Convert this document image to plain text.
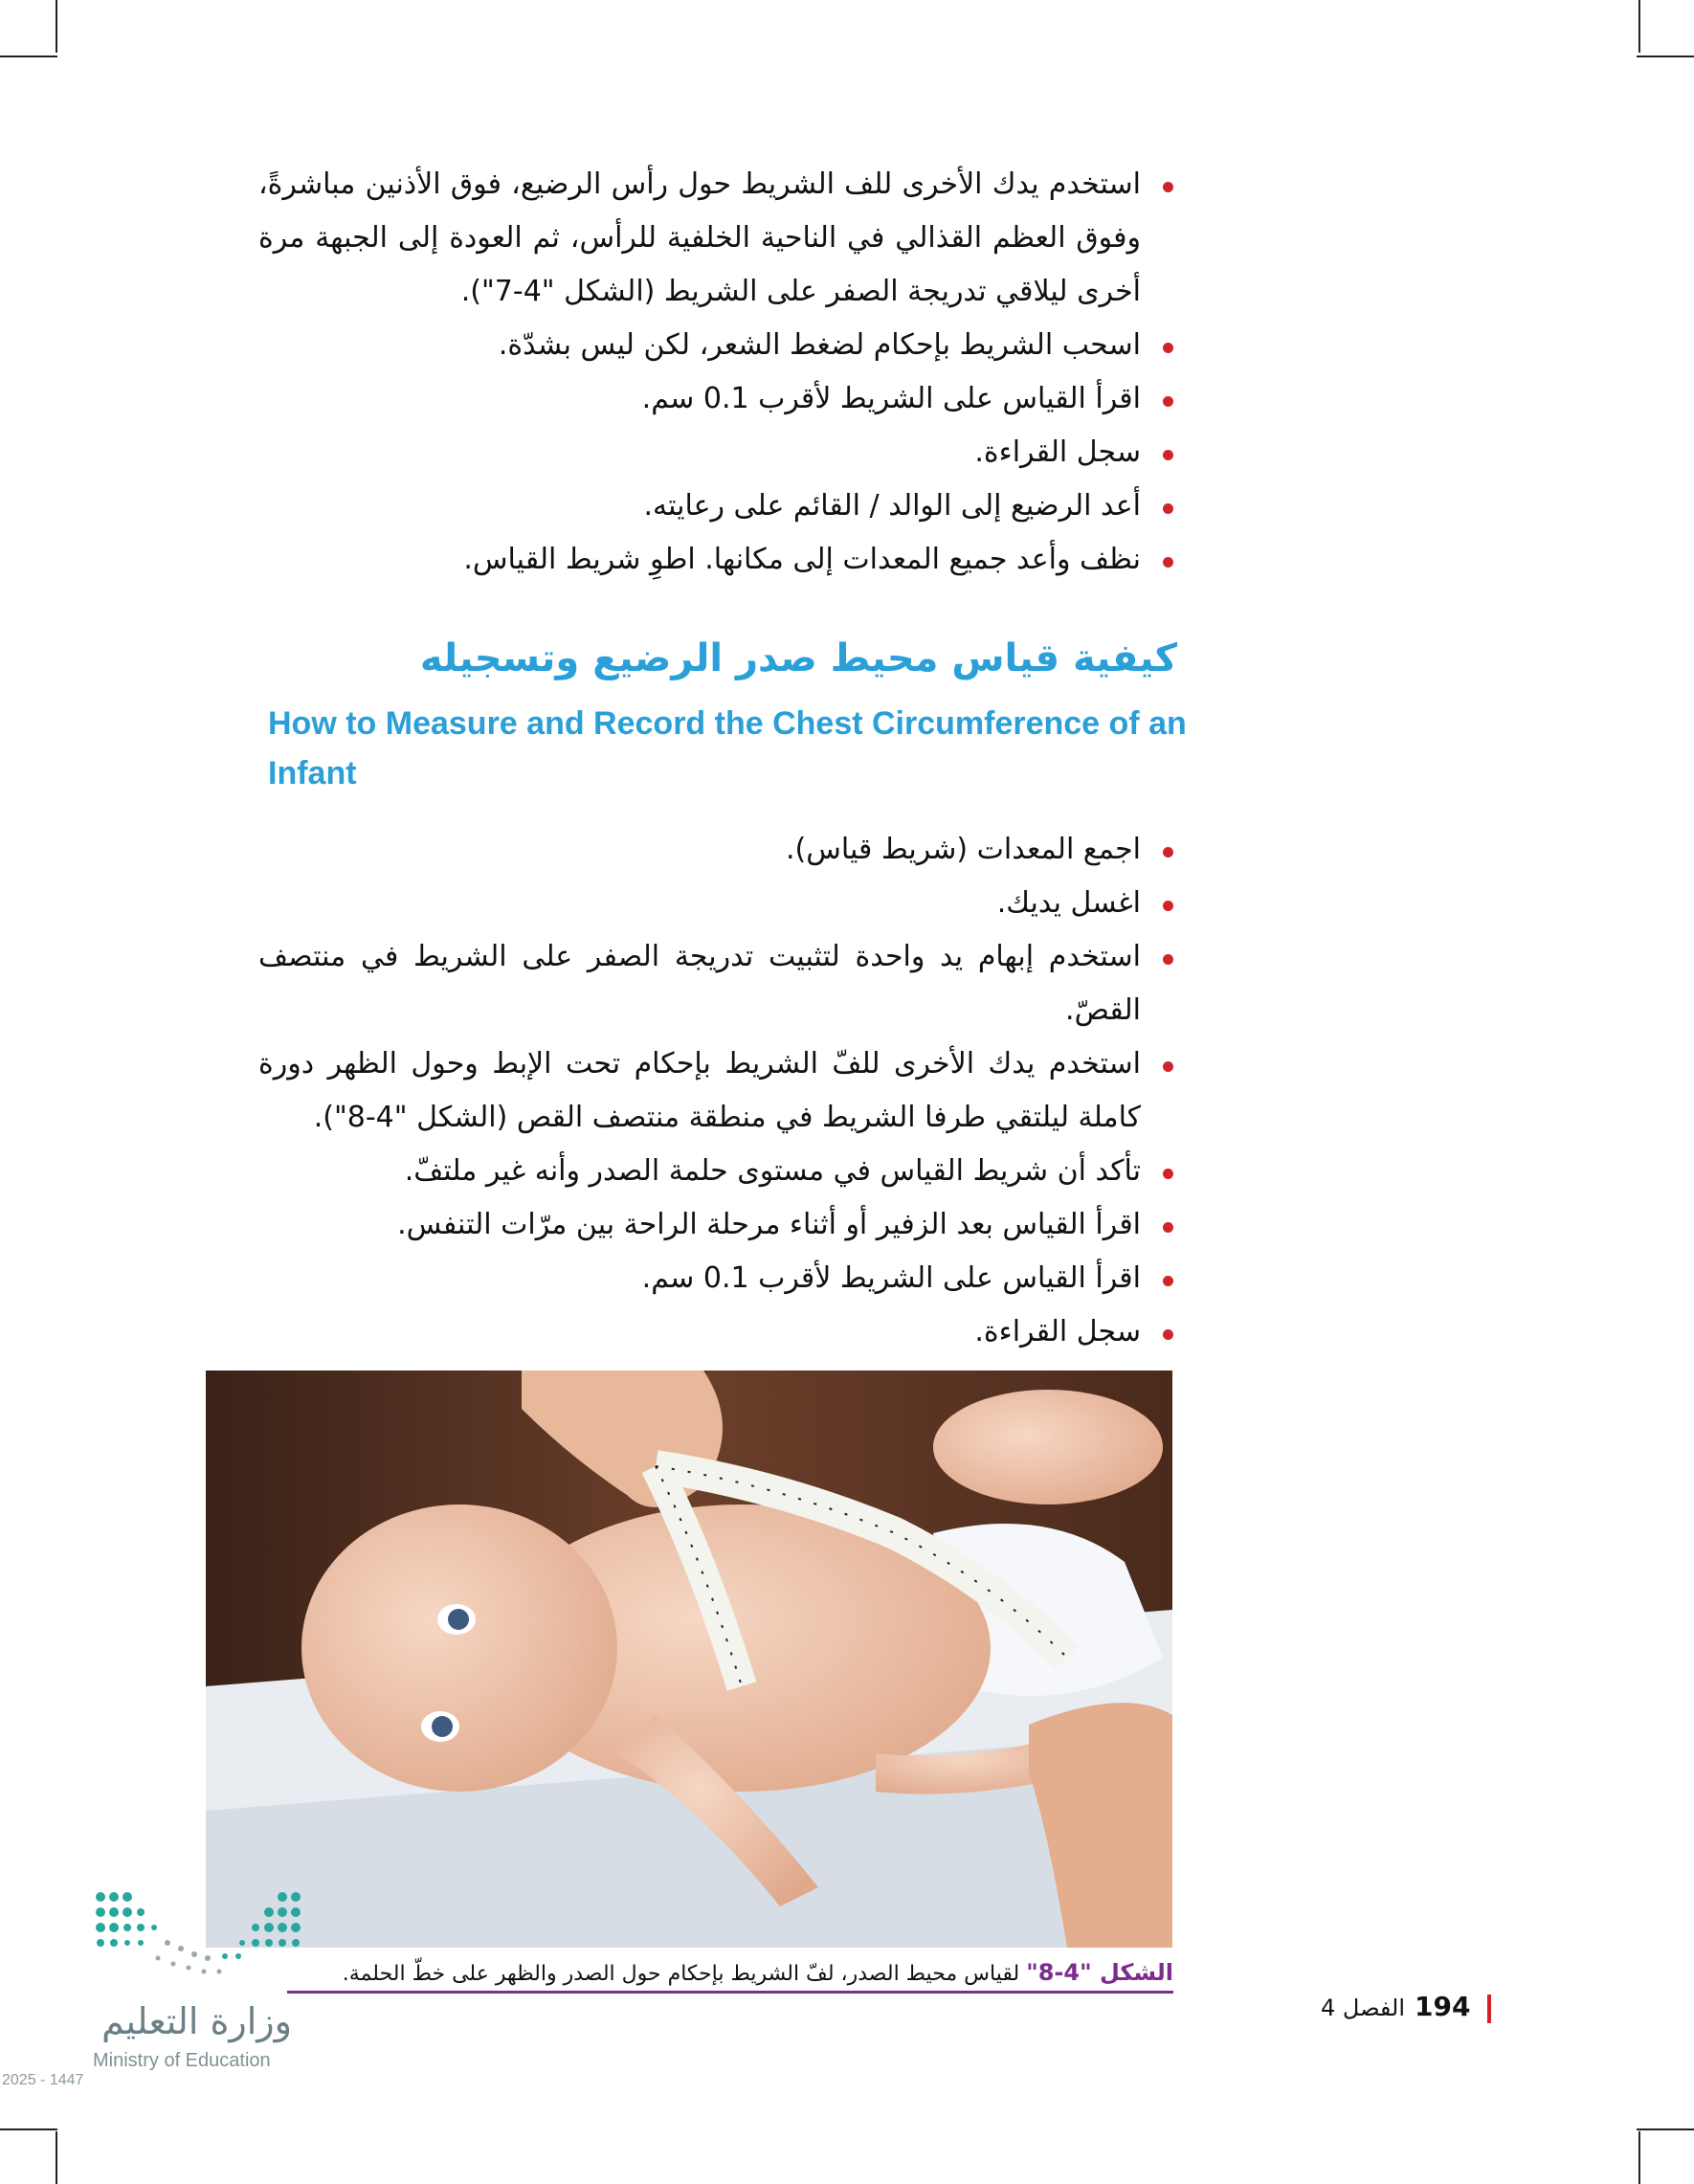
استخدم يدك الأخرى للف الشريط حول رأس الرضيع، فوق الأذنين مباشرةً، وفوق العظم القذالي في الناحية الخلفية للرأس، ثم العودة إلى الجبهة مرة أخرى ليلاقي تدريجة الصفر على الشريط (الشكل "4-7").
اسحب الشريط بإحكام لضغط الشعر، لكن ليس بشدّة.
اقرأ القياس على الشريط لأقرب 0.1 سم.
سجل القراءة.
أعد الرضيع إلى الوالد / القائم على رعايته.
نظف وأعد جميع المعدات إلى مكانها. اطوِ شريط القياس.
كيفية قياس محيط صدر الرضيع وتسجيله
How to Measure and Record the Chest Circumference of an Infant
اجمع المعدات (شريط قياس).
اغسل يديك.
استخدم إبهام يد واحدة لتثبيت تدريجة الصفر على الشريط في منتصف القصّ.
استخدم يدك الأخرى للفّ الشريط بإحكام تحت الإبط وحول الظهر دورة كاملة ليلتقي طرفا الشريط في منطقة منتصف القص (الشكل "4-8").
تأكد أن شريط القياس في مستوى حلمة الصدر وأنه غير ملتفّ.
اقرأ القياس بعد الزفير أو أثناء مرحلة الراحة بين مرّات التنفس.
اقرأ القياس على الشريط لأقرب 0.1 سم.
سجل القراءة.
الشكل "4-8" لقياس محيط الصدر، لفّ الشريط بإحكام حول الصدر والظهر على خطّ الحلمة.
194الفصل 4
وزارة التعليم
Ministry of Education
2025 - 1447
